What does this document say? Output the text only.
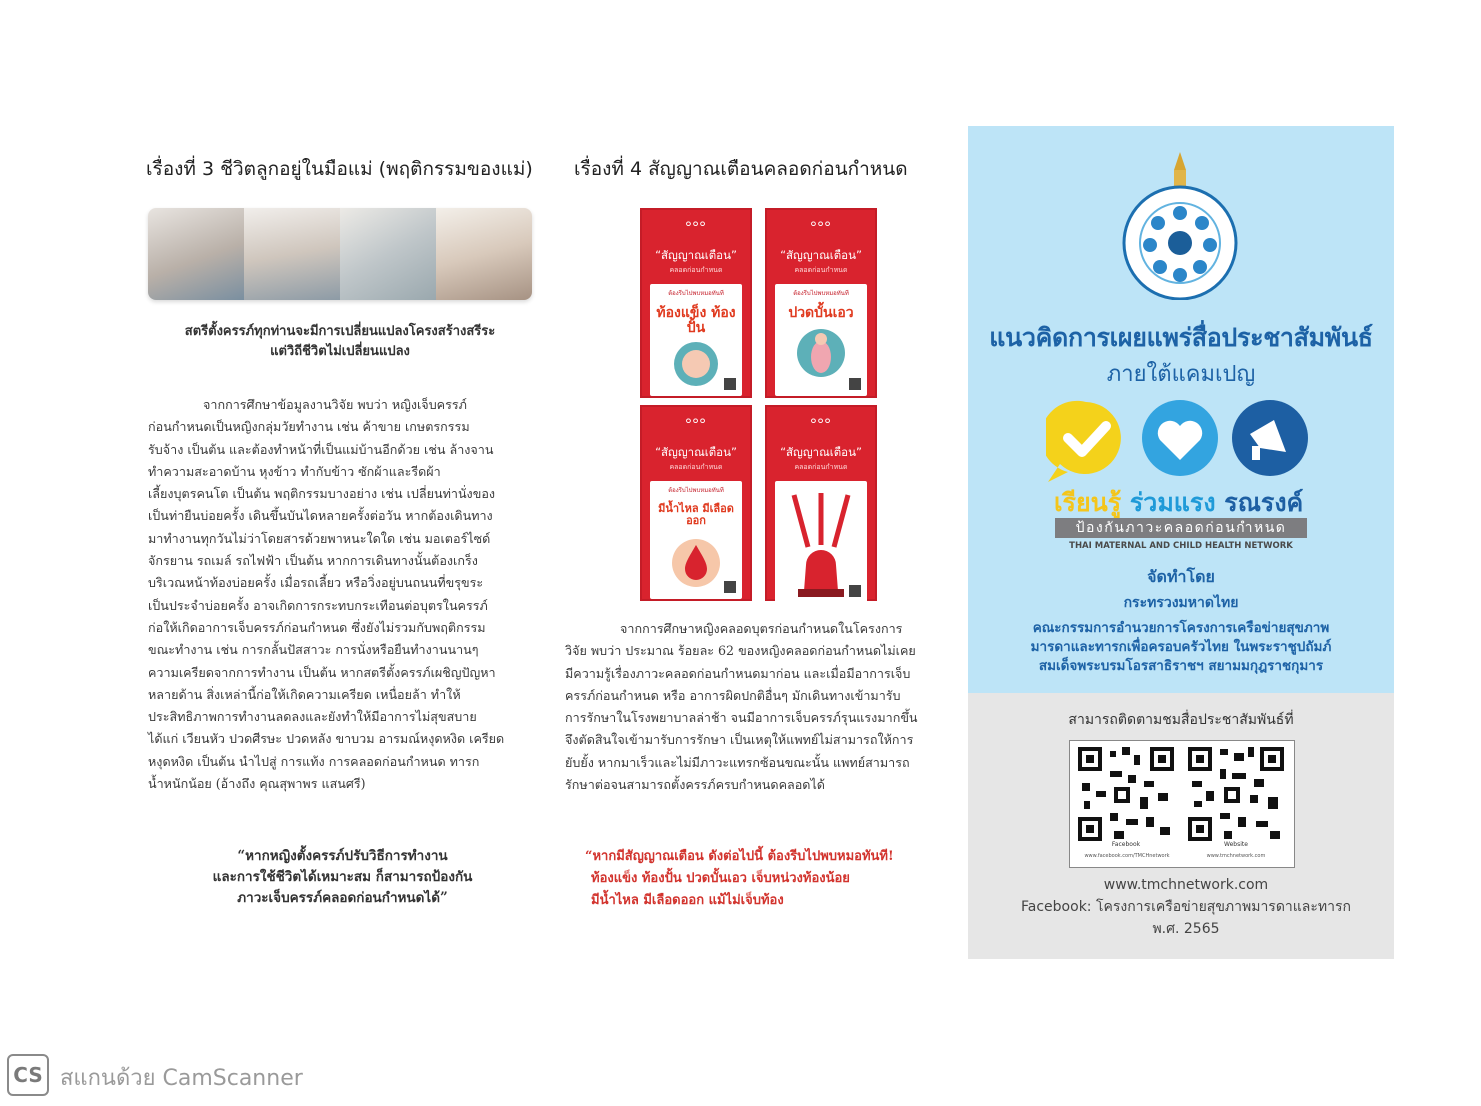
เรื่องที่ 3 ชีวิตลูกอยู่ในมือแม่ (พฤติกรรมของแม่)
สตรีตั้งครรภ์ทุกท่านจะมีการเปลี่ยนแปลงโครงสร้างสรีระ
แต่วิถีชีวิตไม่เปลี่ยนแปลง
จากการศึกษาข้อมูลงานวิจัย พบว่า หญิงเจ็บครรภ์
ก่อนกำหนดเป็นหญิงกลุ่มวัยทำงาน เช่น ค้าขาย เกษตรกรรม
รับจ้าง เป็นต้น และต้องทำหน้าที่เป็นแม่บ้านอีกด้วย เช่น ล้างจาน
ทำความสะอาดบ้าน หุงข้าว ทำกับข้าว ซักผ้าและรีดผ้า
เลี้ยงบุตรคนโต เป็นต้น พฤติกรรมบางอย่าง เช่น เปลี่ยนท่านั่งของ
เป็นท่ายืนบ่อยครั้ง เดินขึ้นบันไดหลายครั้งต่อวัน หากต้องเดินทาง
มาทำงานทุกวันไม่ว่าโดยสารด้วยพาหนะใดใด เช่น มอเตอร์ไซด์
จักรยาน รถเมล์ รถไฟฟ้า เป็นต้น หากการเดินทางนั้นต้องเกร็ง
บริเวณหน้าท้องบ่อยครั้ง เมื่อรถเลี้ยว หรือวิ่งอยู่บนถนนที่ขรุขระ
เป็นประจำบ่อยครั้ง อาจเกิดการกระทบกระเทือนต่อบุตรในครรภ์
ก่อให้เกิดอาการเจ็บครรภ์ก่อนกำหนด ซึ่งยังไม่รวมกับพฤติกรรม
ขณะทำงาน เช่น การกลั้นปัสสาวะ การนั่งหรือยืนทำงานนานๆ
ความเครียดจากการทำงาน เป็นต้น หากสตรีตั้งครรภ์เผชิญปัญหา
หลายด้าน สิ่งเหล่านี้ก่อให้เกิดความเครียด เหนื่อยล้า ทำให้
ประสิทธิภาพการทำงานลดลงและยังทำให้มีอาการไม่สุขสบาย
ได้แก่ เวียนหัว ปวดศีรษะ ปวดหลัง ขาบวม อารมณ์หงุดหงิด เครียด
หงุดหงิด เป็นต้น นำไปสู่ การแท้ง การคลอดก่อนกำหนด ทารก
น้ำหนักน้อย (อ้างถึง คุณสุพาพร แสนศรี)
“หากหญิงตั้งครรภ์ปรับวิธีการทำงาน
และการใช้ชีวิตได้เหมาะสม ก็สามารถป้องกัน
ภาวะเจ็บครรภ์คลอดก่อนกำหนดได้”
เรื่องที่ 4 สัญญาณเตือนคลอดก่อนกำหนด
๐๐๐
“สัญญาณเตือน”
คลอดก่อนกำหนด
ต้องรีบไปพบหมอทันที
ท้องแข็ง ท้องปั้น
๐๐๐
“สัญญาณเตือน”
คลอดก่อนกำหนด
ต้องรีบไปพบหมอทันที
ปวดบั้นเอว
๐๐๐
“สัญญาณเตือน”
คลอดก่อนกำหนด
ต้องรีบไปพบหมอทันที
มีน้ำไหล มีเลือดออก
๐๐๐
“สัญญาณเตือน”
คลอดก่อนกำหนด
จากการศึกษาหญิงคลอดบุตรก่อนกำหนดในโครงการ
วิจัย พบว่า ประมาณ ร้อยละ 62 ของหญิงคลอดก่อนกำหนดไม่เคย
มีความรู้เรื่องภาวะคลอดก่อนกำหนดมาก่อน และเมื่อมีอาการเจ็บ
ครรภ์ก่อนกำหนด หรือ อาการผิดปกติอื่นๆ มักเดินทางเข้ามารับ
การรักษาในโรงพยาบาลล่าช้า จนมีอาการเจ็บครรภ์รุนแรงมากขึ้น
จึงตัดสินใจเข้ามารับการรักษา เป็นเหตุให้แพทย์ไม่สามารถให้การ
ยับยั้ง หากมาเร็วและไม่มีภาวะแทรกซ้อนขณะนั้น แพทย์สามารถ
รักษาต่อจนสามารถตั้งครรภ์ครบกำหนดคลอดได้
“หากมีสัญญาณเตือน ดังต่อไปนี้ ต้องรีบไปพบหมอทันที!
ท้องแข็ง ท้องปั้น ปวดบั้นเอว เจ็บหน่วงท้องน้อย
มีน้ำไหล มีเลือดออก แม้ไม่เจ็บท้อง
แนวคิดการเผยแพร่สื่อประชาสัมพันธ์
ภายใต้แคมเปญ
เรียนรู้ ร่วมแรง รณรงค์
ป้องกันภาวะคลอดก่อนกำหนด
THAI MATERNAL AND CHILD HEALTH NETWORK
จัดทำโดย
กระทรวงมหาดไทย
คณะกรรมการอำนวยการโครงการเครือข่ายสุขภาพ
มารดาและทารกเพื่อครอบครัวไทย ในพระราชูปถัมภ์
สมเด็จพระบรมโอรสาธิราชฯ สยามมกุฎราชกุมาร
สามารถติดตามชมสื่อประชาสัมพันธ์ที่
Facebook	Website
www.facebook.com/TMCHnetwork	www.tmchnetwork.com
www.tmchnetwork.com
Facebook: โครงการเครือข่ายสุขภาพมารดาและทารก
พ.ศ. 2565
CS สแกนด้วย CamScanner
